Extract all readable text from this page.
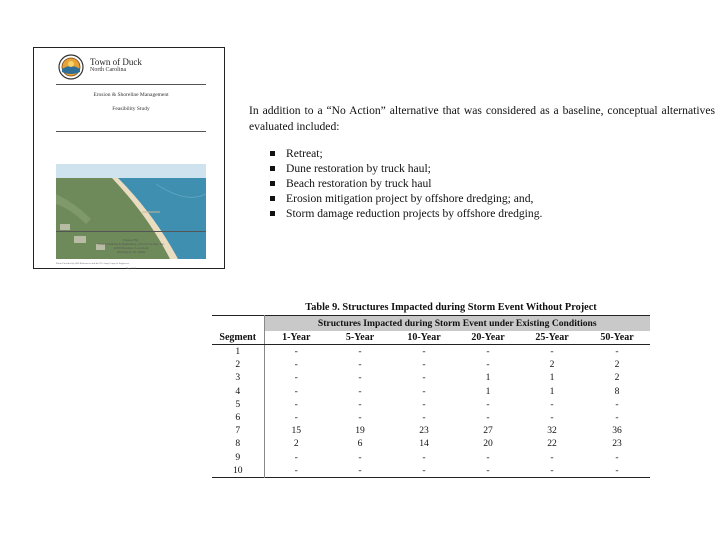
Town of Duck
North Carolina
Erosion & Shoreline Management
Feasibility Study
Photo Provided by Bill Birkemeier and the US Army Corps of Engineers
May 2013
Prepared By:
Coastal Planning & Engineering of North Carolina, Inc.
4038 Masonboro Loop Road
Wilmington, NC 28409

In addition to a “No Action” alternative that was considered as a baseline, conceptual alternatives evaluated included:

Retreat;
Dune restoration by truck haul;
Beach restoration by truck haul
Erosion mitigation project by offshore dredging; and,
Storm damage reduction projects by offshore dredging.
Table 9. Structures Impacted during Storm Event Without Project
	Structures Impacted during Storm Event under Existing Conditions					
Segment	1-Year	5-Year	10-Year	20-Year	25-Year	50-Year
1	-	-	-	-	-	-
2	-	-	-	-	2	2
3	-	-	-	1	1	2
4	-	-	-	1	1	8
5	-	-	-	-	-	-
6	-	-	-	-	-	-
7	15	19	23	27	32	36
8	2	6	14	20	22	23
9	-	-	-	-	-	-
10	-	-	-	-	-	-
